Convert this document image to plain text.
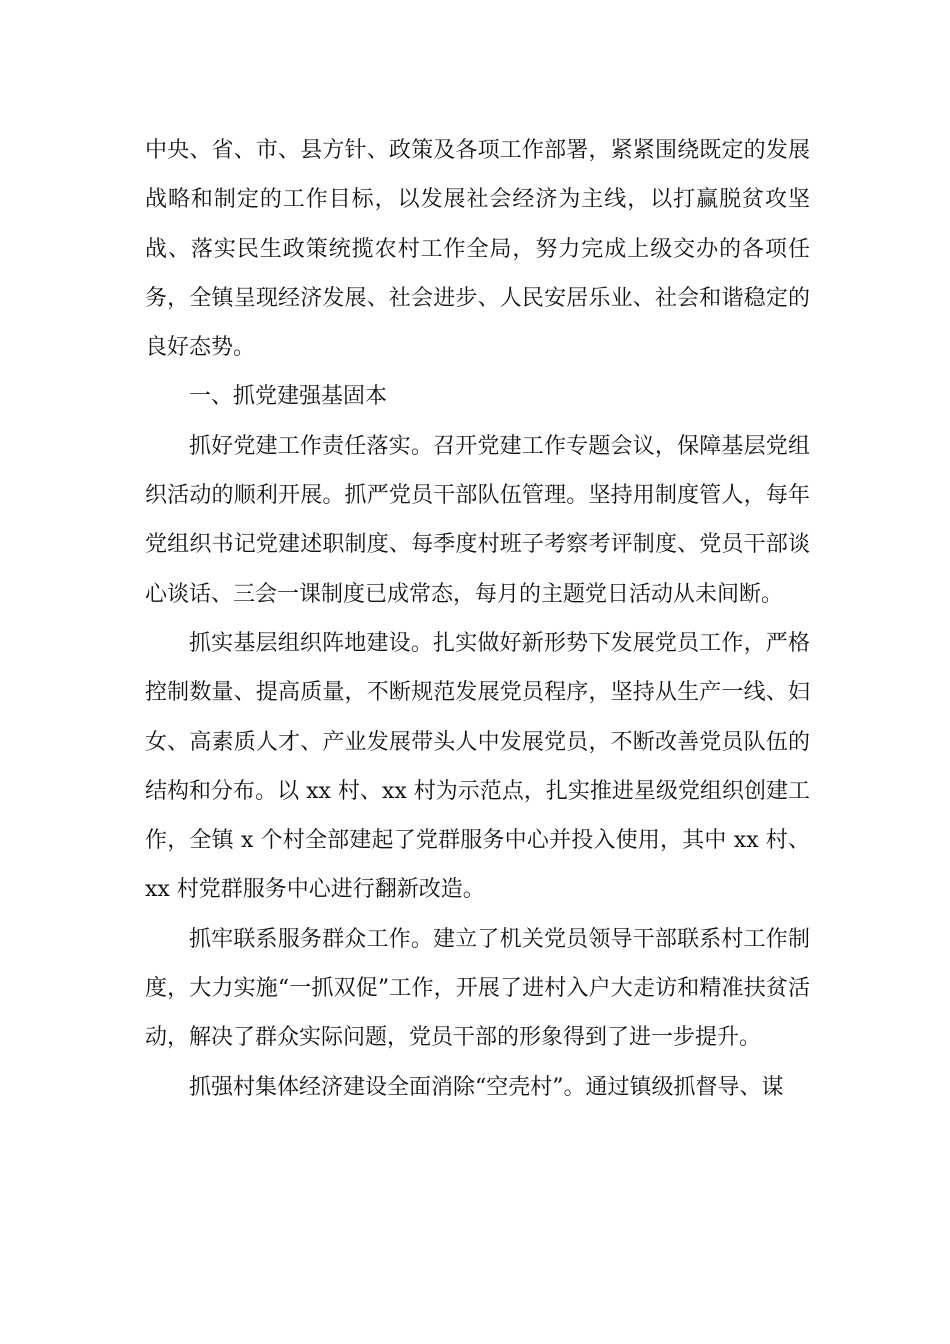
中央、省、市、县方针、政策及各项工作部署，紧紧围绕既定的发展战略和制定的工作目标，以发展社会经济为主线，以打赢脱贫攻坚战、落实民生政策统揽农村工作全局，努力完成上级交办的各项任务，全镇呈现经济发展、社会进步、人民安居乐业、社会和谐稳定的良好态势。

一、抓党建强基固本

抓好党建工作责任落实。召开党建工作专题会议，保障基层党组织活动的顺利开展。抓严党员干部队伍管理。坚持用制度管人，每年党组织书记党建述职制度、每季度村班子考察考评制度、党员干部谈心谈话、三会一课制度已成常态，每月的主题党日活动从未间断。

抓实基层组织阵地建设。扎实做好新形势下发展党员工作，严格控制数量、提高质量，不断规范发展党员程序，坚持从生产一线、妇女、高素质人才、产业发展带头人中发展党员，不断改善党员队伍的结构和分布。以 xx 村、xx 村为示范点，扎实推进星级党组织创建工作，全镇 x 个村全部建起了党群服务中心并投入使用，其中 xx 村、xx 村党群服务中心进行翻新改造。

抓牢联系服务群众工作。建立了机关党员领导干部联系村工作制度，大力实施“一抓双促”工作，开展了进村入户大走访和精准扶贫活动，解决了群众实际问题，党员干部的形象得到了进一步提升。

抓强村集体经济建设全面消除“空壳村”。通过镇级抓督导、谋
